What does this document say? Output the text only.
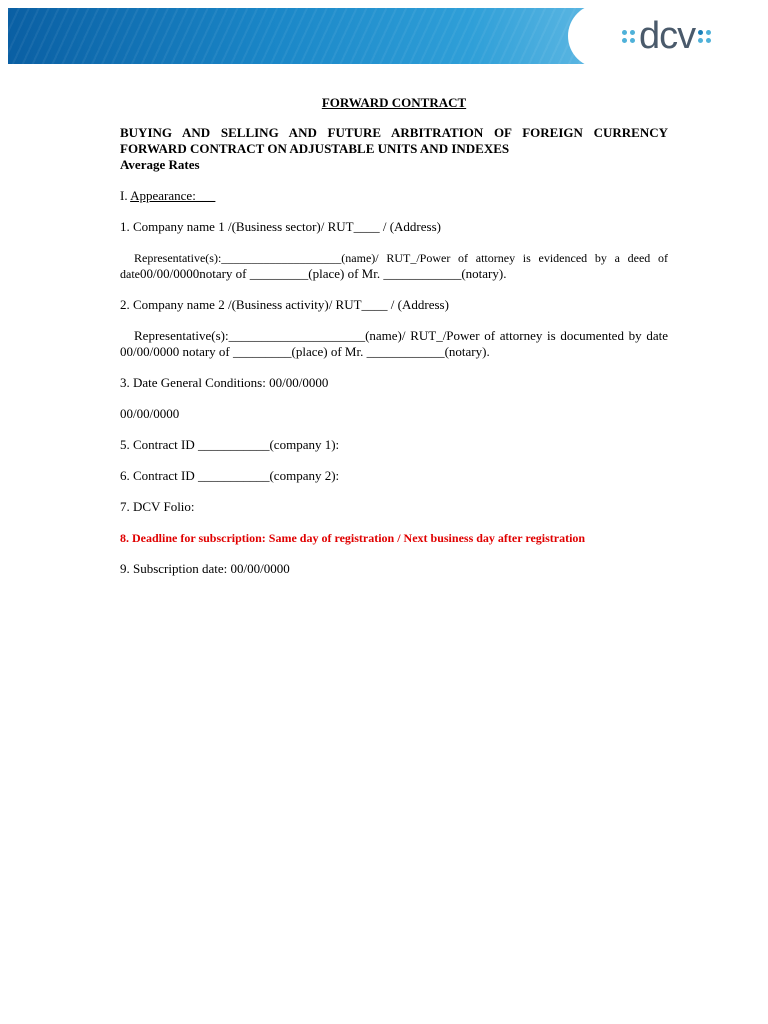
dcv

FORWARD CONTRACT

BUYING AND SELLING AND FUTURE ARBITRATION OF FOREIGN CURRENCY
FORWARD CONTRACT ON ADJUSTABLE UNITS AND INDEXES
Average Rates

I. Appearance:___

1. Company name 1 /(Business sector)/ RUT____ / (Address)

Representative(s):____________________(name)/ RUT_/Power of attorney is evidenced by a deed of date00/00/0000notary of _________(place) of Mr. ____________(notary).

2. Company name 2 /(Business activity)/ RUT____ / (Address)

Representative(s):_____________________(name)/ RUT_/Power of attorney is documented by date 00/00/0000 notary of _________(place) of Mr. ____________(notary).

3. Date General Conditions: 00/00/0000

00/00/0000

5. Contract ID ___________(company 1):

6. Contract ID ___________(company 2):

7. DCV Folio:

8. Deadline for subscription: Same day of registration / Next business day after registration

9. Subscription date: 00/00/0000
